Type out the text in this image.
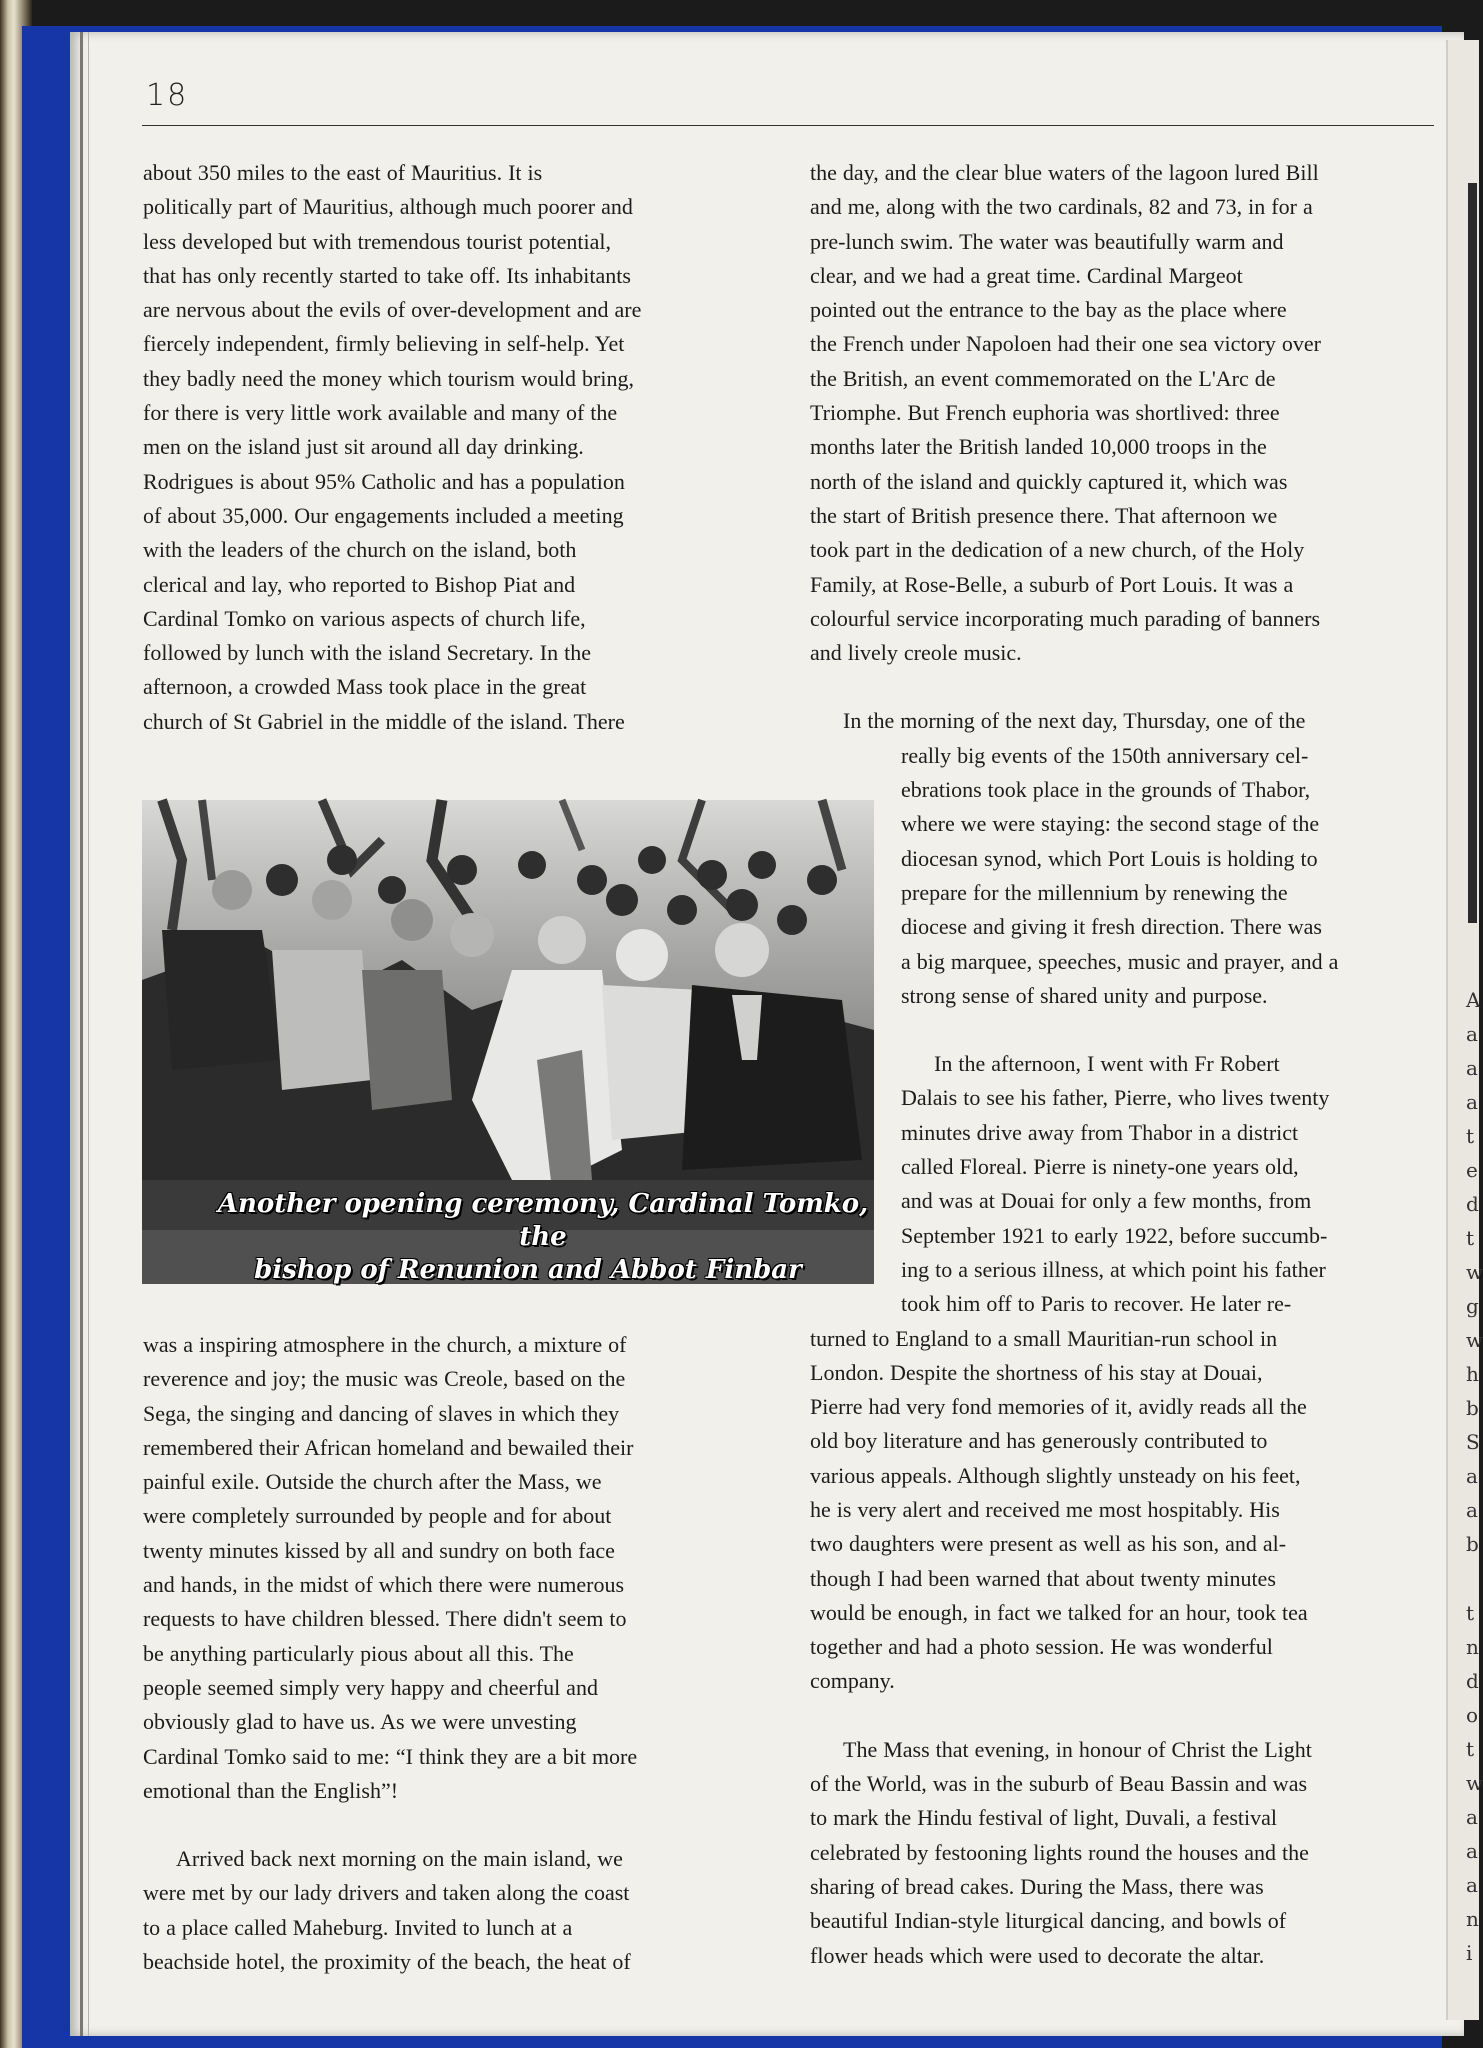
A
a
a
a
t
e
d
t
w
g
w
h
b
S
a
a
b
t
n
d
o
t
w
a
a
a
n
i
18
about 350 miles to the east of Mauritius. It is
politically part of Mauritius, although much poorer and
less developed but with tremendous tourist potential,
that has only recently started to take off. Its inhabitants
are nervous about the evils of over-development and are
fiercely independent, firmly believing in self-help. Yet
they badly need the money which tourism would bring,
for there is very little work available and many of the
men on the island just sit around all day drinking.
Rodrigues is about 95% Catholic and has a population
of about 35,000. Our engagements included a meeting
with the leaders of the church on the island, both
clerical and lay, who reported to Bishop Piat and
Cardinal Tomko on various aspects of church life,
followed by lunch with the island Secretary. In the
afternoon, a crowded Mass took place in the great
church of St Gabriel in the middle of the island. There
Another opening ceremony, Cardinal Tomko, the
bishop of Renunion and Abbot Finbar
was a inspiring atmosphere in the church, a mixture of
reverence and joy; the music was Creole, based on the
Sega, the singing and dancing of slaves in which they
remembered their African homeland and bewailed their
painful exile. Outside the church after the Mass, we
were completely surrounded by people and for about
twenty minutes kissed by all and sundry on both face
and hands, in the midst of which there were numerous
requests to have children blessed. There didn't seem to
be anything particularly pious about all this. The
people seemed simply very happy and cheerful and
obviously glad to have us. As we were unvesting
Cardinal Tomko said to me: “I think they are a bit more
emotional than the English”!
Arrived back next morning on the main island, we
were met by our lady drivers and taken along the coast
to a place called Maheburg. Invited to lunch at a
beachside hotel, the proximity of the beach, the heat of
the day, and the clear blue waters of the lagoon lured Bill
and me, along with the two cardinals, 82 and 73, in for a
pre-lunch swim. The water was beautifully warm and
clear, and we had a great time. Cardinal Margeot
pointed out the entrance to the bay as the place where
the French under Napoloen had their one sea victory over
the British, an event commemorated on the L'Arc de
Triomphe. But French euphoria was shortlived: three
months later the British landed 10,000 troops in the
north of the island and quickly captured it, which was
the start of British presence there. That afternoon we
took part in the dedication of a new church, of the Holy
Family, at Rose-Belle, a suburb of Port Louis. It was a
colourful service incorporating much parading of banners
and lively creole music.
In the morning of the next day, Thursday, one of the
really big events of the 150th anniversary cel-
ebrations took place in the grounds of Thabor,
where we were staying: the second stage of the
diocesan synod, which Port Louis is holding to
prepare for the millennium by renewing the
diocese and giving it fresh direction. There was
a big marquee, speeches, music and prayer, and a
strong sense of shared unity and purpose.
In the afternoon, I went with Fr Robert
Dalais to see his father, Pierre, who lives twenty
minutes drive away from Thabor in a district
called Floreal. Pierre is ninety-one years old,
and was at Douai for only a few months, from
September 1921 to early 1922, before succumb-
ing to a serious illness, at which point his father
took him off to Paris to recover. He later re-
turned to England to a small Mauritian-run school in
London. Despite the shortness of his stay at Douai,
Pierre had very fond memories of it, avidly reads all the
old boy literature and has generously contributed to
various appeals. Although slightly unsteady on his feet,
he is very alert and received me most hospitably. His
two daughters were present as well as his son, and al-
though I had been warned that about twenty minutes
would be enough, in fact we talked for an hour, took tea
together and had a photo session. He was wonderful
company.
The Mass that evening, in honour of Christ the Light
of the World, was in the suburb of Beau Bassin and was
to mark the Hindu festival of light, Duvali, a festival
celebrated by festooning lights round the houses and the
sharing of bread cakes. During the Mass, there was
beautiful Indian-style liturgical dancing, and bowls of
flower heads which were used to decorate the altar.
